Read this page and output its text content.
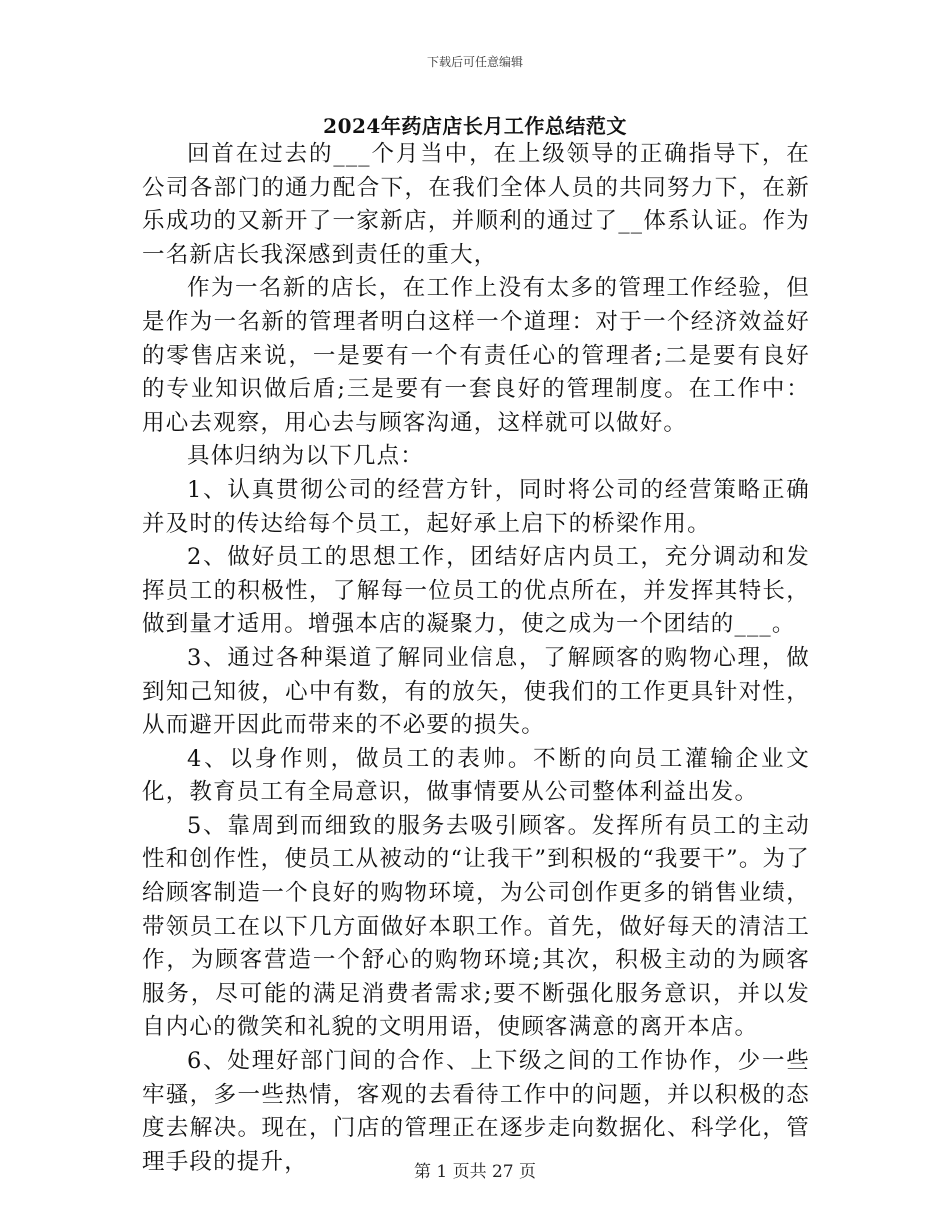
下载后可任意编辑
2024年药店店长月工作总结范文

回首在过去的___个月当中，在上级领导的正确指导下，在公司各部门的通力配合下，在我们全体人员的共同努力下，在新乐成功的又新开了一家新店，并顺利的通过了__体系认证。作为一名新店长我深感到责任的重大，

作为一名新的店长，在工作上没有太多的管理工作经验，但是作为一名新的管理者明白这样一个道理：对于一个经济效益好的零售店来说，一是要有一个有责任心的管理者;二是要有良好的专业知识做后盾;三是要有一套良好的管理制度。在工作中：用心去观察，用心去与顾客沟通，这样就可以做好。

具体归纳为以下几点：

1、认真贯彻公司的经营方针，同时将公司的经营策略正确并及时的传达给每个员工，起好承上启下的桥梁作用。

2、做好员工的思想工作，团结好店内员工，充分调动和发挥员工的积极性，了解每一位员工的优点所在，并发挥其特长，做到量才适用。增强本店的凝聚力，使之成为一个团结的___。

3、通过各种渠道了解同业信息，了解顾客的购物心理，做到知己知彼，心中有数，有的放矢，使我们的工作更具针对性，从而避开因此而带来的不必要的损失。

4、以身作则，做员工的表帅。不断的向员工灌输企业文化，教育员工有全局意识，做事情要从公司整体利益出发。

5、靠周到而细致的服务去吸引顾客。发挥所有员工的主动性和创作性，使员工从被动的“让我干”到积极的“我要干”。为了给顾客制造一个良好的购物环境，为公司创作更多的销售业绩，带领员工在以下几方面做好本职工作。首先，做好每天的清洁工作，为顾客营造一个舒心的购物环境;其次，积极主动的为顾客服务，尽可能的满足消费者需求;要不断强化服务意识，并以发自内心的微笑和礼貌的文明用语，使顾客满意的离开本店。

6、处理好部门间的合作、上下级之间的工作协作，少一些牢骚，多一些热情，客观的去看待工作中的问题，并以积极的态度去解决。现在，门店的管理正在逐步走向数据化、科学化，管理手段的提升，	第 1 页共 27 页
